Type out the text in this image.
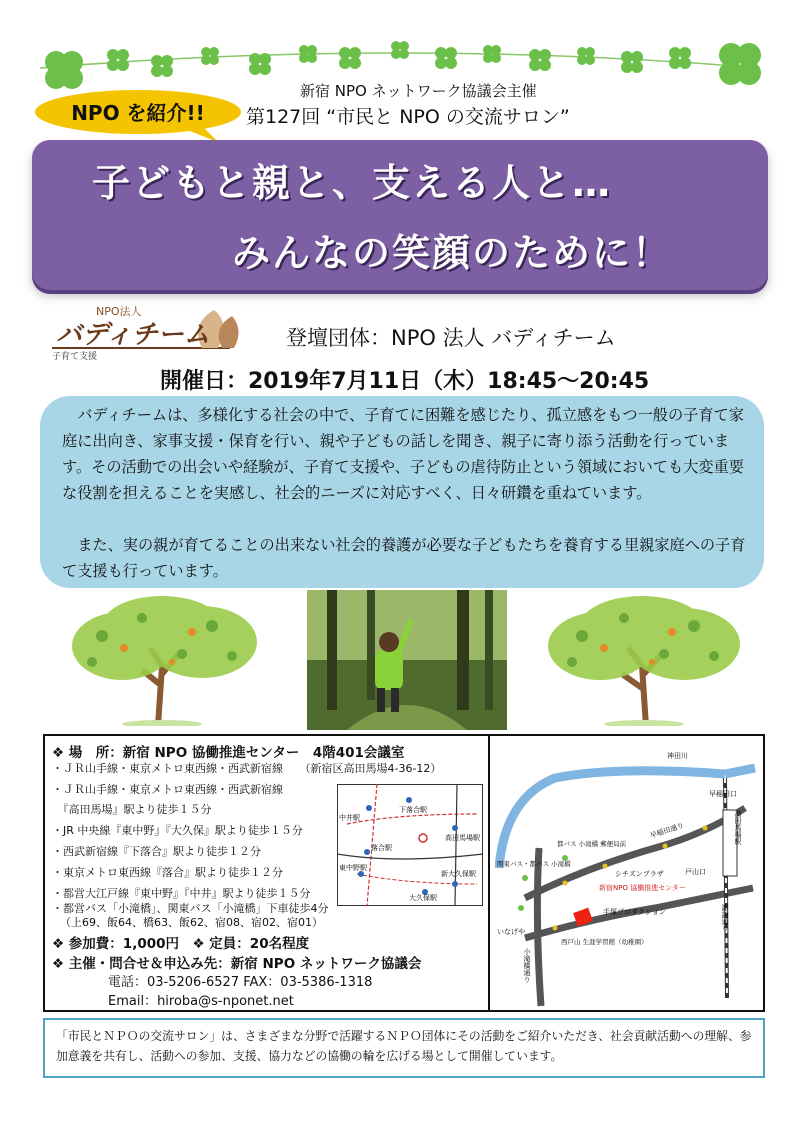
NPO を紹介!!
新宿 NPO ネットワーク協議会主催
第127回 “市民と NPO の交流サロン”
子どもと親と、支える人と…
みんなの笑顔のために！
NPO法人
バディチーム
子育て支援
登壇団体：NPO 法人 バディチーム
開催日：2019年7月11日（木）18:45～20:45
バディチームは、多様化する社会の中で、子育てに困難を感じたり、孤立感をもつ一般の子育て家庭に出向き、家事支援・保育を行い、親や子どもの話しを聞き、親子に寄り添う活動を行っています。その活動での出会いや経験が、子育て支援や、子どもの虐待防止という領域においても大変重要な役割を担えることを実感し、社会的ニーズに対応すべく、日々研鑽を重ねています。
また、実の親が育てることの出来ない社会的養護が必要な子どもたちを養育する里親家庭への子育て支援も行っています。
❖ 場　所：新宿 NPO 協働推進センター　4階401会議室
・ＪＲ山手線・東京メトロ東西線・西武新宿線　　（新宿区高田馬場4-36-12）
・ＪＲ山手線・東京メトロ東西線・西武新宿線
　『高田馬場』駅より徒歩１５分
・JR 中央線『東中野』『大久保』駅より徒歩１５分
・西武新宿線『下落合』駅より徒歩１２分
・東京メトロ東西線『落合』駅より徒歩１２分
・都営大江戸線『東中野』『中井』駅より徒歩１５分
・都営バス「小滝橋」、関東バス「小滝橋」下車徒歩4分
（上69、飯64、橋63、飯62、宿08、宿02、宿01）
❖ 参加費：1,000円　❖ 定員：20名程度
❖ 主催・問合せ＆申込み先：新宿 NPO ネットワーク協議会
電話：03-5206-6527 FAX：03-5386-1318
Email：hiroba@s-nponet.net
下落合駅
中井駅
高田馬場駅
落合駅
東中野駅
新大久保駅
大久保駅
神田川
早稲田口
高田馬場駅
早稲田通り
都バス 小滝橋 郵便局前
関東バス・都バス 小滝橋
シチズンプラザ	戸山口
新宿NPO 協働推進センター
手塚プロダクション
いなげや
西戸山 生涯学習館（幼稚園）
小滝橋通り
諏訪通り
「市民とＮＰＯの交流サロン」は、さまざまな分野で活躍するＮＰＯ団体にその活動をご紹介いただき、社会貢献活動への理解、参加意義を共有し、活動への参加、支援、協力などの協働の輪を広げる場として開催しています。
